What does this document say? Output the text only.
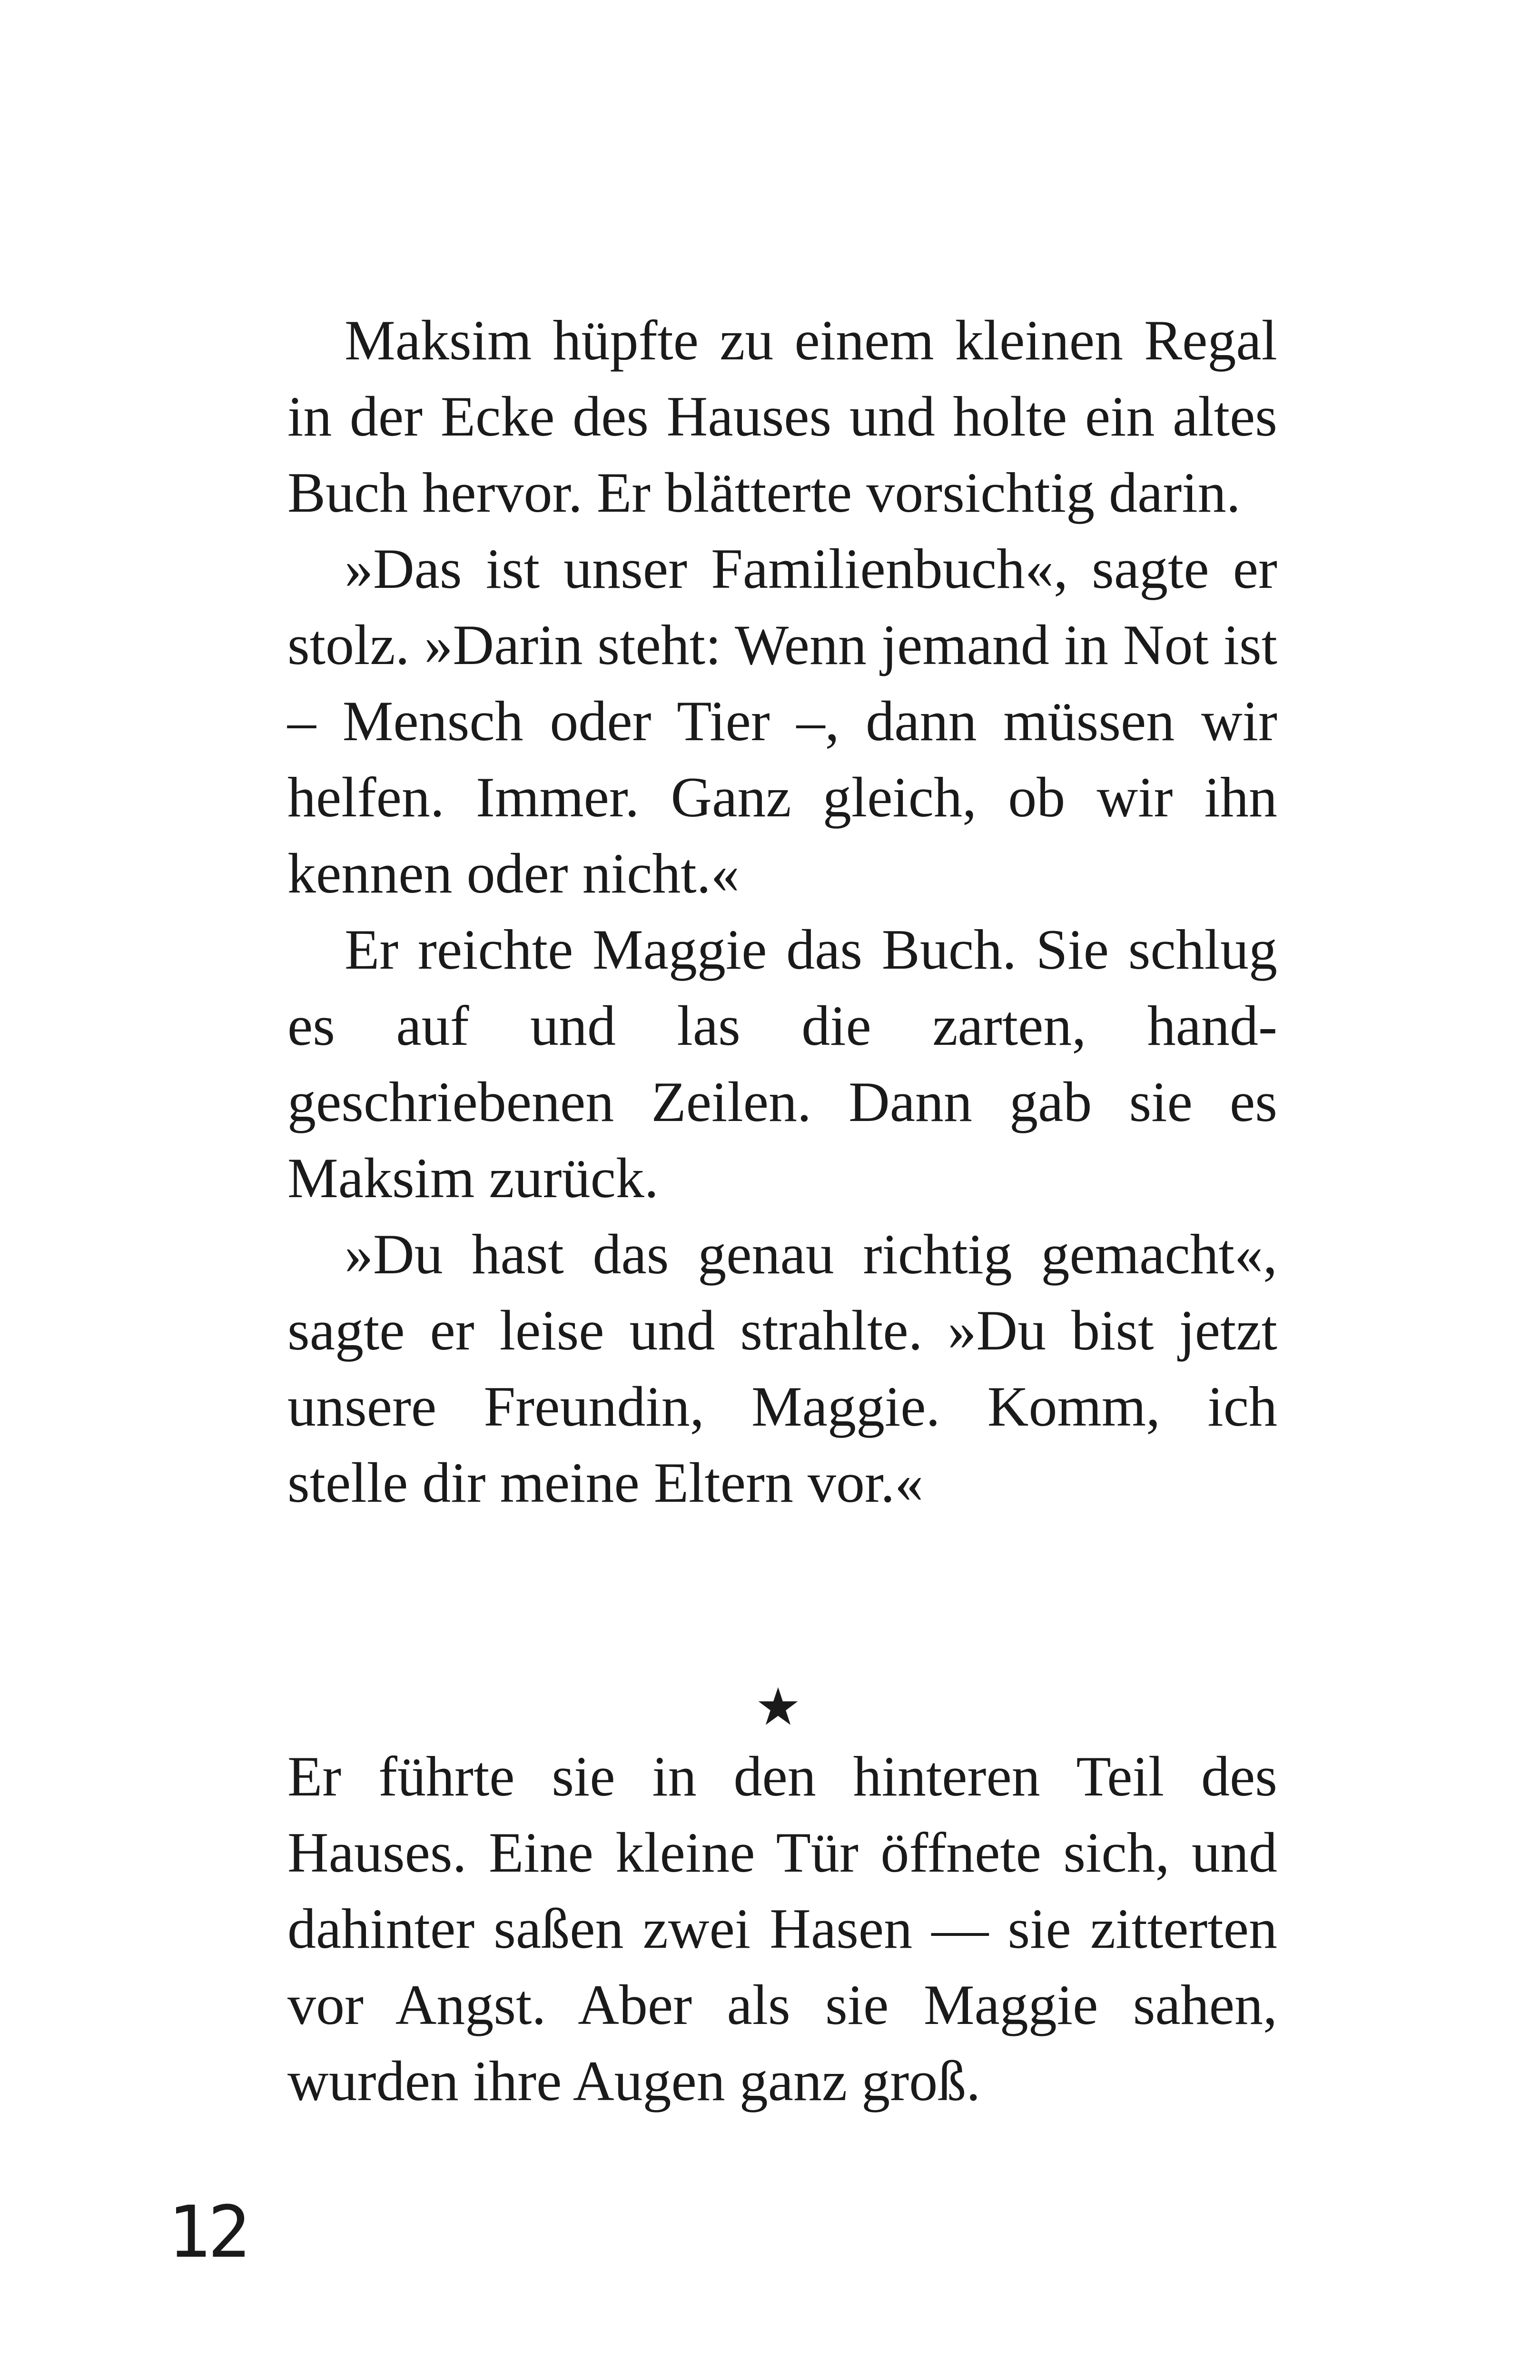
Maksim hüpfte zu einem kleinen Regal in der Ecke des Hauses und holte ein altes Buch hervor. Er blätterte vorsichtig darin.

»Das ist unser Familienbuch«, sagte er stolz. »Darin steht: Wenn jemand in Not ist – Mensch oder Tier –, dann müssen wir helfen. Immer. Ganz gleich, ob wir ihn kennen oder nicht.«

Er reichte Maggie das Buch. Sie schlug es auf und las die zarten, handgeschriebenen Zeilen. Dann gab sie es Maksim zurück.

»Du hast das genau richtig gemacht«, sagte er leise und strahlte. »Du bist jetzt unsere Freundin, Maggie. Komm, ich stelle dir meine Eltern vor.«

Er führte sie in den hinteren Teil des Hauses. Eine kleine Tür öffnete sich, und dahinter saßen zwei Hasen — sie zitterten vor Angst. Aber als sie Maggie sahen, wurden ihre Augen ganz groß.

12
